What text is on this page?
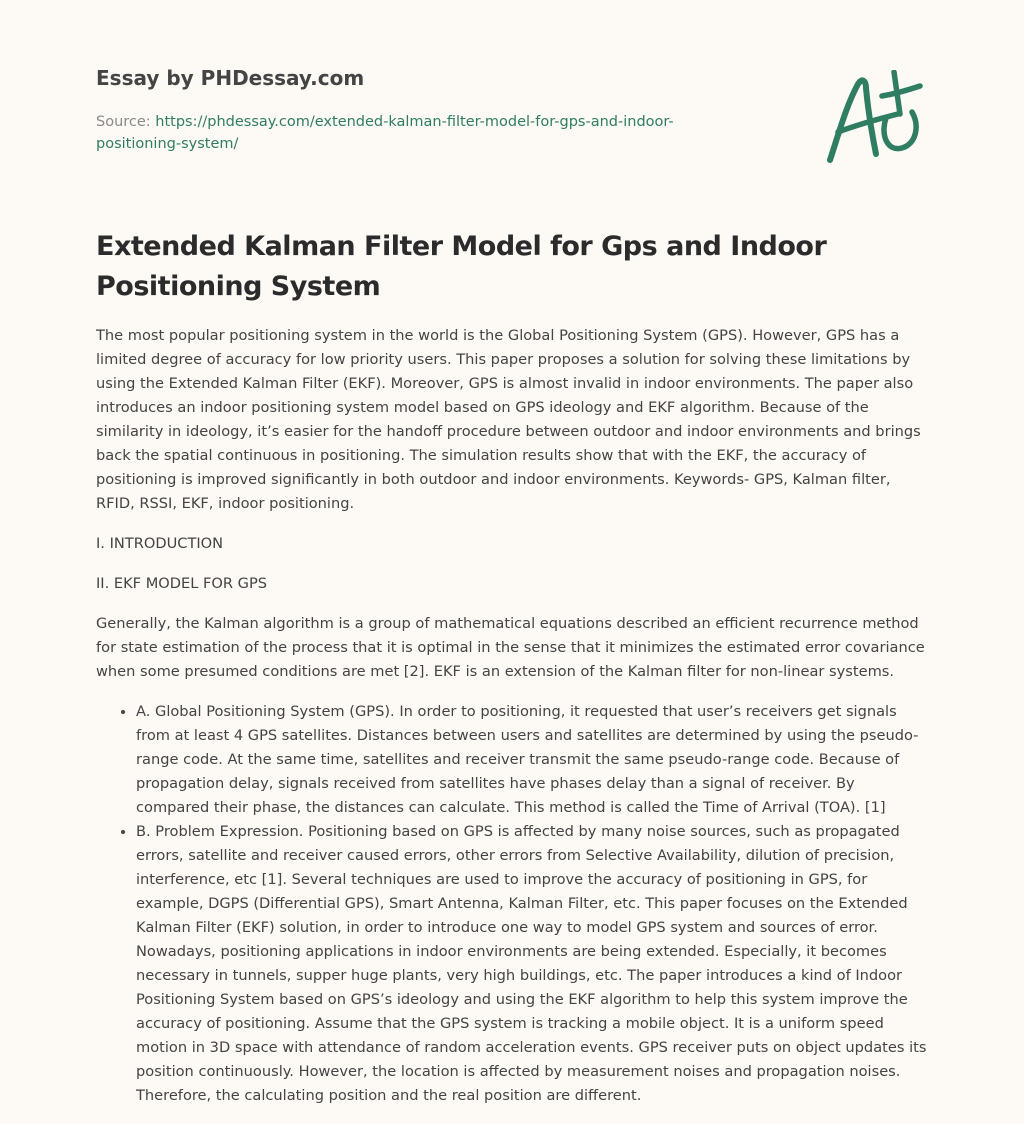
Essay by PHDessay.com
Source: https://phdessay.com/extended-kalman-filter-model-for-gps-and-indoor-positioning-system/
Extended Kalman Filter Model for Gps and Indoor Positioning System

The most popular positioning system in the world is the Global Positioning System (GPS). However, GPS has a limited degree of accuracy for low priority users. This paper proposes a solution for solving these limitations by using the Extended Kalman Filter (EKF). Moreover, GPS is almost invalid in indoor environments. The paper also introduces an indoor positioning system model based on GPS ideology and EKF algorithm. Because of the similarity in ideology, it’s easier for the handoff procedure between outdoor and indoor environments and brings back the spatial continuous in positioning. The simulation results show that with the EKF, the accuracy of positioning is improved significantly in both outdoor and indoor environments. Keywords- GPS, Kalman filter, RFID, RSSI, EKF, indoor positioning.

I. INTRODUCTION

II. EKF MODEL FOR GPS

Generally, the Kalman algorithm is a group of mathematical equations described an efficient recurrence method for state estimation of the process that it is optimal in the sense that it minimizes the estimated error covariance when some presumed conditions are met [2]. EKF is an extension of the Kalman filter for non-linear systems.

• A. Global Positioning System (GPS). In order to positioning, it requested that user’s receivers get signals from at least 4 GPS satellites. Distances between users and satellites are determined by using the pseudo-range code. At the same time, satellites and receiver transmit the same pseudo-range code. Because of propagation delay, signals received from satellites have phases delay than a signal of receiver. By compared their phase, the distances can calculate. This method is called the Time of Arrival (TOA). [1]
• B. Problem Expression. Positioning based on GPS is affected by many noise sources, such as propagated errors, satellite and receiver caused errors, other errors from Selective Availability, dilution of precision, interference, etc [1]. Several techniques are used to improve the accuracy of positioning in GPS, for example, DGPS (Differential GPS), Smart Antenna, Kalman Filter, etc. This paper focuses on the Extended Kalman Filter (EKF) solution, in order to introduce one way to model GPS system and sources of error. Nowadays, positioning applications in indoor environments are being extended. Especially, it becomes necessary in tunnels, supper huge plants, very high buildings, etc. The paper introduces a kind of Indoor Positioning System based on GPS’s ideology and using the EKF algorithm to help this system improve the accuracy of positioning. Assume that the GPS system is tracking a mobile object. It is a uniform speed motion in 3D space with attendance of random acceleration events. GPS receiver puts on object updates its position continuously. However, the location is affected by measurement noises and propagation noises. Therefore, the calculating position and the real position are different.
